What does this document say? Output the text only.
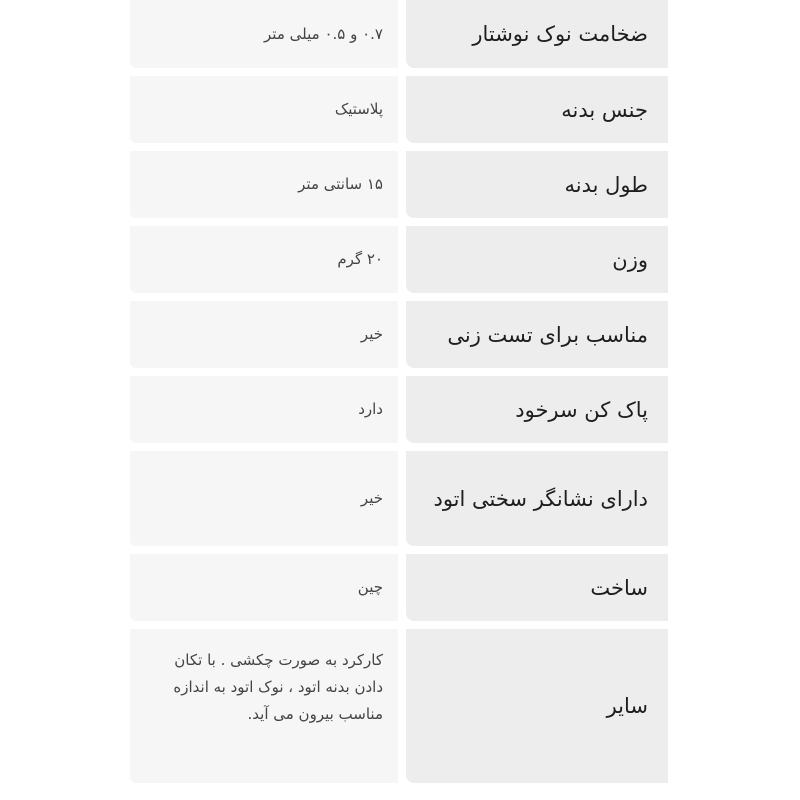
ضخامت نوک نوشتار
۰.۷ و ۰.۵ میلی متر
جنس بدنه
پلاستیک
طول بدنه
۱۵ سانتی متر
وزن
۲۰ گرم
مناسب برای تست زنی
خیر
پاک کن سرخود
دارد
دارای نشانگر سختی اتود
خیر
ساخت
چین
سایر
کارکرد به صورت چکشی . با تکان دادن بدنه اتود ، نوک اتود به اندازه مناسب بیرون می آید.
